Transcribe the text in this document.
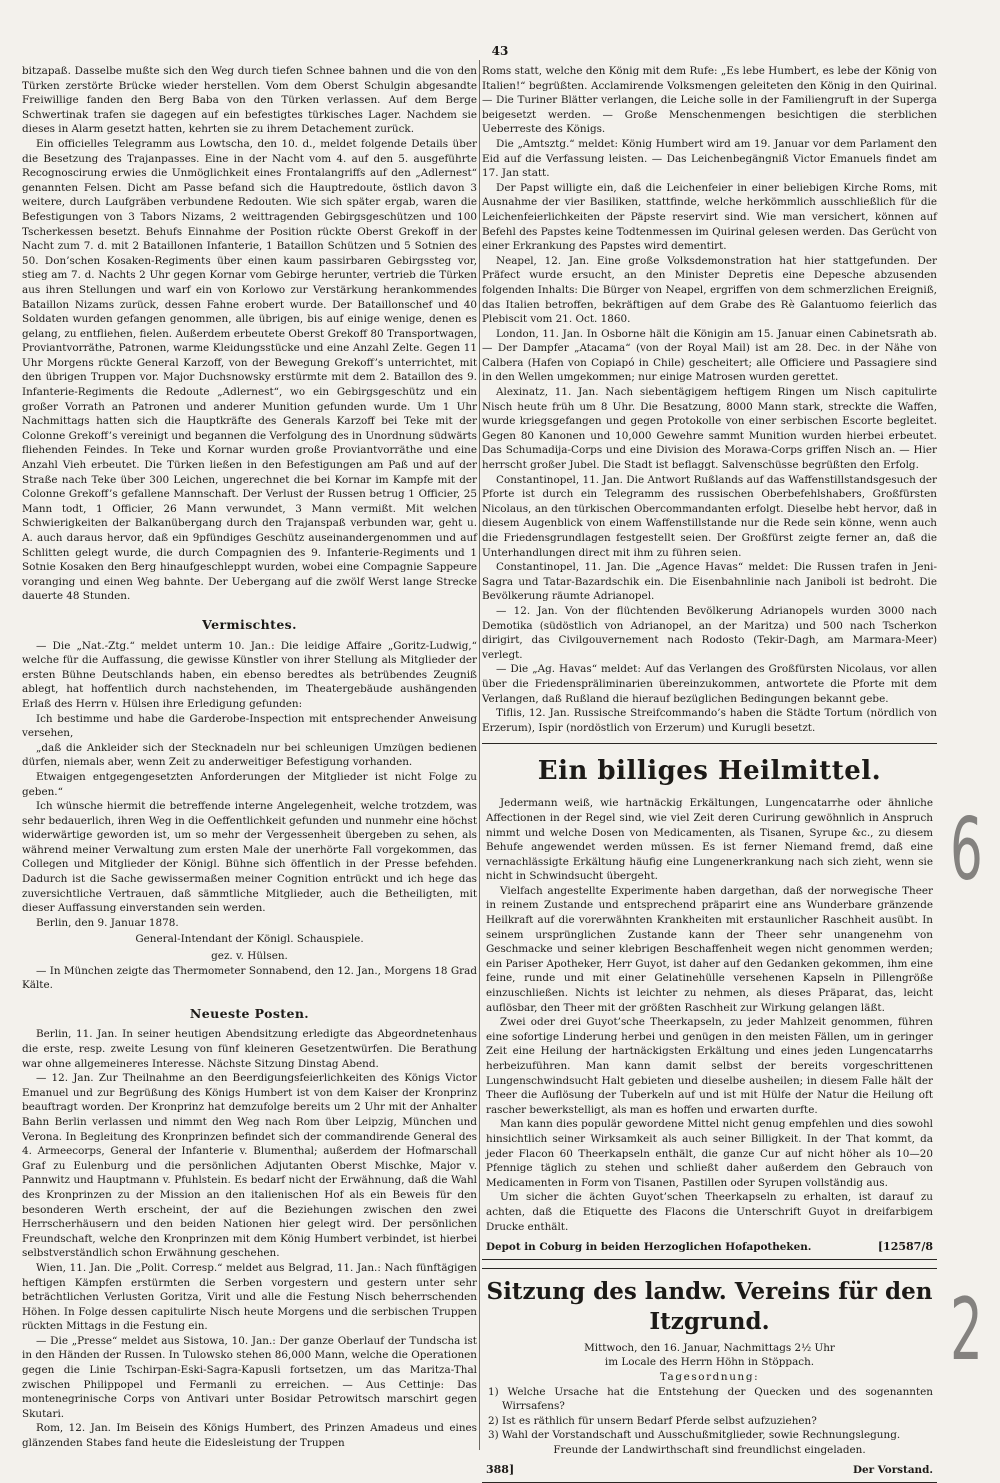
43

bitzapaß. Dasselbe mußte sich den Weg durch tiefen Schnee bahnen und die von den Türken zerstörte Brücke wieder herstellen. Vom dem Oberst Schulgin abgesandte Freiwillige fanden den Berg Baba von den Türken verlassen. Auf dem Berge Schwertinak trafen sie dagegen auf ein befestigtes türkisches Lager. Nachdem sie dieses in Alarm gesetzt hatten, kehrten sie zu ihrem Detachement zurück.

Ein officielles Telegramm aus Lowtscha, den 10. d., meldet folgende Details über die Besetzung des Trajanpasses. Eine in der Nacht vom 4. auf den 5. ausgeführte Recognoscirung erwies die Unmöglichkeit eines Frontalangriffs auf den „Adlernest“ genannten Felsen. Dicht am Passe befand sich die Hauptredoute, östlich davon 3 weitere, durch Laufgräben verbundene Redouten. Wie sich später ergab, waren die Befestigungen von 3 Tabors Nizams, 2 weittragenden Gebirgsgeschützen und 100 Tscherkessen besetzt. Behufs Einnahme der Position rückte Oberst Grekoff in der Nacht zum 7. d. mit 2 Bataillonen Infanterie, 1 Bataillon Schützen und 5 Sotnien des 50. Don’schen Kosaken-Regiments über einen kaum passirbaren Gebirgssteg vor, stieg am 7. d. Nachts 2 Uhr gegen Kornar vom Gebirge herunter, vertrieb die Türken aus ihren Stellungen und warf ein von Korlowo zur Verstärkung herankommendes Bataillon Nizams zurück, dessen Fahne erobert wurde. Der Bataillonschef und 40 Soldaten wurden gefangen genommen, alle übrigen, bis auf einige wenige, denen es gelang, zu entfliehen, fielen. Außerdem erbeutete Oberst Grekoff 80 Transportwagen, Proviantvorräthe, Patronen, warme Kleidungsstücke und eine Anzahl Zelte. Gegen 11 Uhr Morgens rückte General Karzoff, von der Bewegung Grekoff’s unterrichtet, mit den übrigen Truppen vor. Major Duchsnowsky erstürmte mit dem 2. Bataillon des 9. Infanterie-Regiments die Redoute „Adlernest“, wo ein Gebirgsgeschütz und ein großer Vorrath an Patronen und anderer Munition gefunden wurde. Um 1 Uhr Nachmittags hatten sich die Hauptkräfte des Generals Karzoff bei Teke mit der Colonne Grekoff’s vereinigt und begannen die Verfolgung des in Unordnung südwärts fliehenden Feindes. In Teke und Kornar wurden große Proviantvorräthe und eine Anzahl Vieh erbeutet. Die Türken ließen in den Befestigungen am Paß und auf der Straße nach Teke über 300 Leichen, ungerechnet die bei Kornar im Kampfe mit der Colonne Grekoff’s gefallene Mannschaft. Der Verlust der Russen betrug 1 Officier, 25 Mann todt, 1 Officier, 26 Mann verwundet, 3 Mann vermißt. Mit welchen Schwierigkeiten der Balkanübergang durch den Trajanspaß verbunden war, geht u. A. auch daraus hervor, daß ein 9pfündiges Geschütz auseinandergenommen und auf Schlitten gelegt wurde, die durch Compagnien des 9. Infanterie-Regiments und 1 Sotnie Kosaken den Berg hinaufgeschleppt wurden, wobei eine Compagnie Sappeure voranging und einen Weg bahnte. Der Uebergang auf die zwölf Werst lange Strecke dauerte 48 Stunden.

Vermischtes.

— Die „Nat.-Ztg.“ meldet unterm 10. Jan.: Die leidige Affaire „Goritz-Ludwig,“ welche für die Auffassung, die gewisse Künstler von ihrer Stellung als Mitglieder der ersten Bühne Deutschlands haben, ein ebenso beredtes als betrübendes Zeugniß ablegt, hat hoffentlich durch nachstehenden, im Theatergebäude aushängenden Erlaß des Herrn v. Hülsen ihre Erledigung gefunden:

Ich bestimme und habe die Garderobe-Inspection mit entsprechender Anweisung versehen,

„daß die Ankleider sich der Stecknadeln nur bei schleunigen Umzügen bedienen dürfen, niemals aber, wenn Zeit zu anderweitiger Befestigung vorhanden.

Etwaigen entgegengesetzten Anforderungen der Mitglieder ist nicht Folge zu geben.“

Ich wünsche hiermit die betreffende interne Angelegenheit, welche trotzdem, was sehr bedauerlich, ihren Weg in die Oeffentlichkeit gefunden und nunmehr eine höchst widerwärtige geworden ist, um so mehr der Vergessenheit übergeben zu sehen, als während meiner Verwaltung zum ersten Male der unerhörte Fall vorgekommen, das Collegen und Mitglieder der Königl. Bühne sich öffentlich in der Presse befehden. Dadurch ist die Sache gewissermaßen meiner Cognition entrückt und ich hege das zuversichtliche Vertrauen, daß sämmtliche Mitglieder, auch die Betheiligten, mit dieser Auffassung einverstanden sein werden.

Berlin, den 9. Januar 1878.

General-Intendant der Königl. Schauspiele.

gez. v. Hülsen.

— In München zeigte das Thermometer Sonnabend, den 12. Jan., Morgens 18 Grad Kälte.

Neueste Posten.

Berlin, 11. Jan. In seiner heutigen Abendsitzung erledigte das Abgeordnetenhaus die erste, resp. zweite Lesung von fünf kleineren Gesetzentwürfen. Die Berathung war ohne allgemeineres Interesse. Nächste Sitzung Dinstag Abend.

— 12. Jan. Zur Theilnahme an den Beerdigungsfeierlichkeiten des Königs Victor Emanuel und zur Begrüßung des Königs Humbert ist von dem Kaiser der Kronprinz beauftragt worden. Der Kronprinz hat demzufolge bereits um 2 Uhr mit der Anhalter Bahn Berlin verlassen und nimmt den Weg nach Rom über Leipzig, München und Verona. In Begleitung des Kronprinzen befindet sich der commandirende General des 4. Armeecorps, General der Infanterie v. Blumenthal; außerdem der Hofmarschall Graf zu Eulenburg und die persönlichen Adjutanten Oberst Mischke, Major v. Pannwitz und Hauptmann v. Pfuhlstein. Es bedarf nicht der Erwähnung, daß die Wahl des Kronprinzen zu der Mission an den italienischen Hof als ein Beweis für den besonderen Werth erscheint, der auf die Beziehungen zwischen den zwei Herrscherhäusern und den beiden Nationen hier gelegt wird. Der persönlichen Freundschaft, welche den Kronprinzen mit dem König Humbert verbindet, ist hierbei selbstverständlich schon Erwähnung geschehen.

Wien, 11. Jan. Die „Polit. Corresp.“ meldet aus Belgrad, 11. Jan.: Nach fünftägigen heftigen Kämpfen erstürmten die Serben vorgestern und gestern unter sehr beträchtlichen Verlusten Goritza, Virit und alle die Festung Nisch beherrschenden Höhen. In Folge dessen capitulirte Nisch heute Morgens und die serbischen Truppen rückten Mittags in die Festung ein.

— Die „Presse“ meldet aus Sistowa, 10. Jan.: Der ganze Oberlauf der Tundscha ist in den Händen der Russen. In Tulowsko stehen 86,000 Mann, welche die Operationen gegen die Linie Tschirpan-Eski-Sagra-Kapusli fortsetzen, um das Maritza-Thal zwischen Philippopel und Fermanli zu erreichen. — Aus Cettinje: Das montenegrinische Corps von Antivari unter Bosidar Petrowitsch marschirt gegen Skutari.

Rom, 12. Jan. Im Beisein des Königs Humbert, des Prinzen Amadeus und eines glänzenden Stabes fand heute die Eidesleistung der Truppen

Roms statt, welche den König mit dem Rufe: „Es lebe Humbert, es lebe der König von Italien!“ begrüßten. Acclamirende Volksmengen geleiteten den König in den Quirinal. — Die Turiner Blätter verlangen, die Leiche solle in der Familiengruft in der Superga beigesetzt werden. — Große Menschenmengen besichtigen die sterblichen Ueberreste des Königs.

Die „Amtsztg.“ meldet: König Humbert wird am 19. Januar vor dem Parlament den Eid auf die Verfassung leisten. — Das Leichenbegängniß Victor Emanuels findet am 17. Jan statt.

Der Papst willigte ein, daß die Leichenfeier in einer beliebigen Kirche Roms, mit Ausnahme der vier Basiliken, stattfinde, welche herkömmlich ausschließlich für die Leichenfeierlichkeiten der Päpste reservirt sind. Wie man versichert, können auf Befehl des Papstes keine Todtenmessen im Quirinal gelesen werden. Das Gerücht von einer Erkrankung des Papstes wird dementirt.

Neapel, 12. Jan. Eine große Volksdemonstration hat hier stattgefunden. Der Präfect wurde ersucht, an den Minister Depretis eine Depesche abzusenden folgenden Inhalts: Die Bürger von Neapel, ergriffen von dem schmerzlichen Ereigniß, das Italien betroffen, bekräftigen auf dem Grabe des Rè Galantuomo feierlich das Plebiscit vom 21. Oct. 1860.

London, 11. Jan. In Osborne hält die Königin am 15. Januar einen Cabinetsrath ab. — Der Dampfer „Atacama“ (von der Royal Mail) ist am 28. Dec. in der Nähe von Calbera (Hafen von Copiapó in Chile) gescheitert; alle Officiere und Passagiere sind in den Wellen umgekommen; nur einige Matrosen wurden gerettet.

Alexinatz, 11. Jan. Nach siebentägigem heftigem Ringen um Nisch capitulirte Nisch heute früh um 8 Uhr. Die Besatzung, 8000 Mann stark, streckte die Waffen, wurde kriegsgefangen und gegen Protokolle von einer serbischen Escorte begleitet. Gegen 80 Kanonen und 10,000 Gewehre sammt Munition wurden hierbei erbeutet. Das Schumadija-Corps und eine Division des Morawa-Corps griffen Nisch an. — Hier herrscht großer Jubel. Die Stadt ist beflaggt. Salvenschüsse begrüßten den Erfolg.

Constantinopel, 11. Jan. Die Antwort Rußlands auf das Waffenstillstandsgesuch der Pforte ist durch ein Telegramm des russischen Oberbefehlshabers, Großfürsten Nicolaus, an den türkischen Obercommandanten erfolgt. Dieselbe hebt hervor, daß in diesem Augenblick von einem Waffenstillstande nur die Rede sein könne, wenn auch die Friedensgrundlagen festgestellt seien. Der Großfürst zeigte ferner an, daß die Unterhandlungen direct mit ihm zu führen seien.

Constantinopel, 11. Jan. Die „Agence Havas“ meldet: Die Russen trafen in Jeni-Sagra und Tatar-Bazardschik ein. Die Eisenbahnlinie nach Janiboli ist bedroht. Die Bevölkerung räumte Adrianopel.

— 12. Jan. Von der flüchtenden Bevölkerung Adrianopels wurden 3000 nach Demotika (südöstlich von Adrianopel, an der Maritza) und 500 nach Tscherkon dirigirt, das Civilgouvernement nach Rodosto (Tekir-Dagh, am Marmara-Meer) verlegt.

— Die „Ag. Havas“ meldet: Auf das Verlangen des Großfürsten Nicolaus, vor allen über die Friedenspräliminarien übereinzukommen, antwortete die Pforte mit dem Verlangen, daß Rußland die hierauf bezüglichen Bedingungen bekannt gebe.

Tiflis, 12. Jan. Russische Streifcommando’s haben die Städte Tortum (nördlich von Erzerum), Ispir (nordöstlich von Erzerum) und Kurugli besetzt.

Ein billiges Heilmittel.

Jedermann weiß, wie hartnäckig Erkältungen, Lungencatarrhe oder ähnliche Affectionen in der Regel sind, wie viel Zeit deren Curirung gewöhnlich in Anspruch nimmt und welche Dosen von Medicamenten, als Tisanen, Syrupe &c., zu diesem Behufe angewendet werden müssen. Es ist ferner Niemand fremd, daß eine vernachlässigte Erkältung häufig eine Lungenerkrankung nach sich zieht, wenn sie nicht in Schwindsucht übergeht.

Vielfach angestellte Experimente haben dargethan, daß der norwegische Theer in reinem Zustande und entsprechend präparirt eine ans Wunderbare gränzende Heilkraft auf die vorerwähnten Krankheiten mit erstaunlicher Raschheit ausübt. In seinem ursprünglichen Zustande kann der Theer sehr unangenehm von Geschmacke und seiner klebrigen Beschaffenheit wegen nicht genommen werden; ein Pariser Apotheker, Herr Guyot, ist daher auf den Gedanken gekommen, ihm eine feine, runde und mit einer Gelatinehülle versehenen Kapseln in Pillengröße einzuschließen. Nichts ist leichter zu nehmen, als dieses Präparat, das, leicht auflösbar, den Theer mit der größten Raschheit zur Wirkung gelangen läßt.

Zwei oder drei Guyot’sche Theerkapseln, zu jeder Mahlzeit genommen, führen eine sofortige Linderung herbei und genügen in den meisten Fällen, um in geringer Zeit eine Heilung der hartnäckigsten Erkältung und eines jeden Lungencatarrhs herbeizuführen. Man kann damit selbst der bereits vorgeschrittenen Lungenschwindsucht Halt gebieten und dieselbe ausheilen; in diesem Falle hält der Theer die Auflösung der Tuberkeln auf und ist mit Hülfe der Natur die Heilung oft rascher bewerkstelligt, als man es hoffen und erwarten durfte.

Man kann dies populär gewordene Mittel nicht genug empfehlen und dies sowohl hinsichtlich seiner Wirksamkeit als auch seiner Billigkeit. In der That kommt, da jeder Flacon 60 Theerkapseln enthält, die ganze Cur auf nicht höher als 10—20 Pfennige täglich zu stehen und schließt daher außerdem den Gebrauch von Medicamenten in Form von Tisanen, Pastillen oder Syrupen vollständig aus.

Um sicher die ächten Guyot’schen Theerkapseln zu erhalten, ist darauf zu achten, daß die Etiquette des Flacons die Unterschrift Guyot in dreifarbigem Drucke enthält.

Depot in Coburg in beiden Herzoglichen Hofapotheken.	[12587/8
Sitzung des landw. Vereins für den Itzgrund.

Mittwoch, den 16. Januar, Nachmittags 2½ Uhr

im Locale des Herrn Höhn in Stöppach.

Tagesordnung:

1) Welche Ursache hat die Entstehung der Quecken und des sogenannten Wirrsafens?

2) Ist es räthlich für unsern Bedarf Pferde selbst aufzuziehen?

3) Wahl der Vorstandschaft und Ausschußmitglieder, sowie Rechnungslegung.

Freunde der Landwirthschaft sind freundlichst eingeladen.

388]	Der Vorstand.
6
2
